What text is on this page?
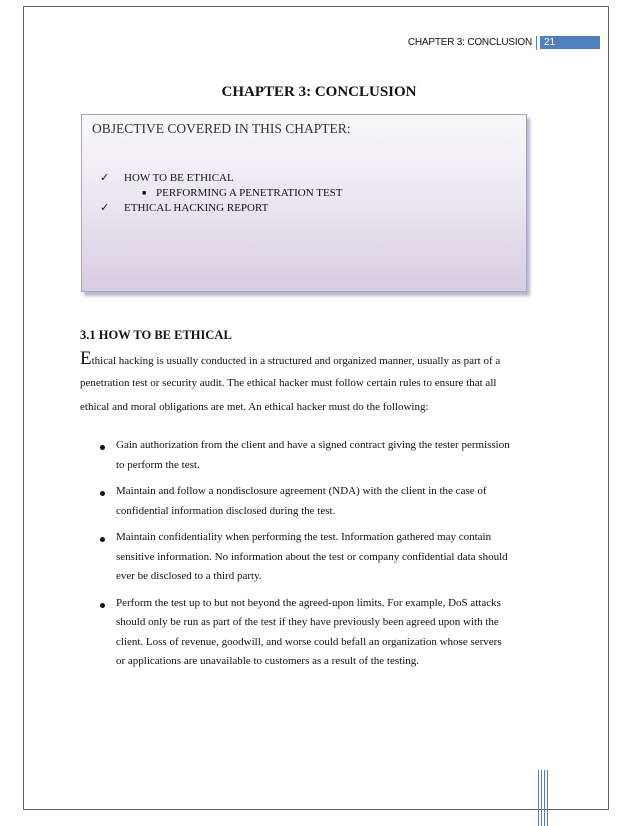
CHAPTER 3: CONCLUSION	21
CHAPTER 3: CONCLUSION
OBJECTIVE COVERED IN THIS CHAPTER:
✓ HOW TO BE ETHICAL
■ PERFORMING A PENETRATION TEST
✓ ETHICAL HACKING REPORT
3.1 HOW TO BE ETHICAL
Ethical hacking is usually conducted in a structured and organized manner, usually as part of a
penetration test or security audit. The ethical hacker must follow certain rules to ensure that all
ethical and moral obligations are met. An ethical hacker must do the following:
Gain authorization from the client and have a signed contract giving the tester permission
to perform the test.
Maintain and follow a nondisclosure agreement (NDA) with the client in the case of
confidential information disclosed during the test.
Maintain confidentiality when performing the test. Information gathered may contain
sensitive information. No information about the test or company confidential data should
ever be disclosed to a third party.
Perform the test up to but not beyond the agreed-upon limits. For example, DoS attacks
should only be run as part of the test if they have previously been agreed upon with the
client. Loss of revenue, goodwill, and worse could befall an organization whose servers
or applications are unavailable to customers as a result of the testing.
